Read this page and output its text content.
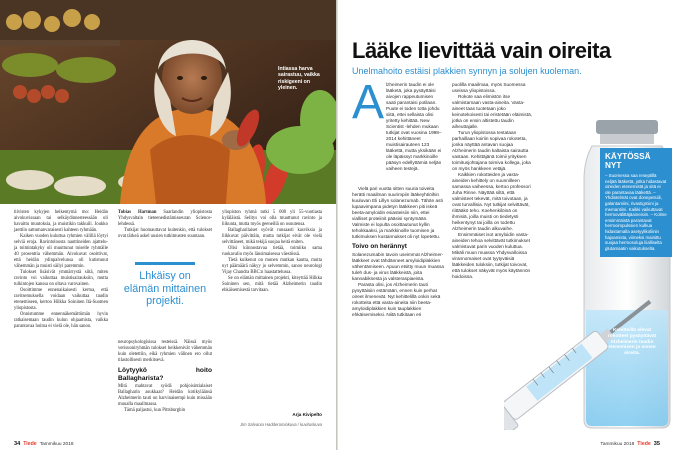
Intiassa harva sairastuu, vaikka riskigeeni on yleinen.

tiivisten kykyjen heikentymä mo: Heidän aivokuvissaan tai selkäydinnesteessään oli havaittu muutoksia, ja muistikin takkuili. Joukko jaettiin sattumanvaraisesti kahteen ryhmään.

Kaiken vuoden kuluttua ryhmien välillä löytyi selviä eroja. Ravintoloosta nauttineiden ajattelu- ja toimintakyky oli muuttunut toiselle ryhmälle 40 prosenttia vähemmän. Aivokuvat osoittivat, että heidän ydinpalvelunsa oli kutistunut vähemmän ja muisti säilyi paremmin.

Tulokset lisäsivät ymmärrystä siitä, miten ravinto voi vaikuttaa muistisairauksiin, mutta tulkintojen kanssa on oltava varovainen.

Osoittimme ennenaikaisesti kertoa, että ravitsemuksella voidaan vaikuttaa taudin etenemiseen, kertoo Hilkka Soininen Itä-Suomen yliopistosta.

Onnistumme ennennäkemättömän hyvin ratkaisemaan taudin kulun ohjaamista, vaikka parantavaa hoitoa ei vielä ole, hän sanoo.

Tobias Hartman Saarlandin yliopistosta Yhdysvaltain tieteenedistämisseuran Science-lehdessä.

Tutkijat huomauttavat kuitenkin, että tulokset ovat tärkeä askel uusien tutkimusten suuntaan.

Lhkäisy on elämän mittainen projekti.

neuropsykologisissa testeissä. Näissä myös verisuoniryhmän tulokset heikkenivät vähemmän kuin oletettiin, eikä ryhmien välinen ero ollut tilastollisesti merkitsevä.

Löytyykö hoito Ballagharista?

Mitä mahtavat syödä pohjoisintialaiset Ballagharin asukkaat? Heidän kotikyläänsä Alzheimerin tauti on harvinaisempi kuin missään muualla maailmassa.

Tämä paljastui, kun Pittsburghin

yliopiston ryhmä tutki 5 000 yli 55-vuotiasta kyläläistä. Selitys voi olla muuttunut ravinto ja liikunta, mutta myös geeneillä on osuutensa.

Ballagharilaiset syövät runsaasti kasviksia ja liikkuvat päivittäin, mutta tutkijat eivät ole vielä selvittäneet, mikä tekijä suojaa heitä eniten.

Olisi kiinnostavaa tietää, toimiiko sama ruokavalio myös länsimaisessa väestössä.

Tietä kulkenut on monen mutkan kautta, mutta nyt päämäärä näkyy jo selvemmin, sanoo neurologi Vijay Chandra BBC:n haastattelussa.

Se on elämän mittainen projekti, kiteyttää Hilkka Soininen sen, mitä tietää Alzheimerin taudin ehkäisemisestä tarvitaan.

Arja Kivipelto
Jim Salvania Hadderomiokuva / kuvituskuva
34 Tiede Tammikuu 2018
Lääke lievittää vain oireita
Unelmahoito estäisi plakkien synnyn ja solujen kuoleman.
A lzheimerin taudin ei ole lääketä, joka pysäyttäisi aivojen rappeutumisen saati parantaisi potilaan. Puute ei toden totta johdu siitä, ettei sellaista olisi yritetty kehittää. New Scientist -lehden mukaan tutkijat ovat vuosina 1998–2014 kehittäneet muistisairauteen 123 lääkettä, mutta yksikään ei ole läpäissyt markkinoille pääsyn edellyttämiä neljän vaiheen testejä.

Vielä pari vuotta sitten suuria toiveita herätti maailman suurimpiin lääkeyhtiöihin kuuluvan Eli Lillyn solanezumab. Tähän asti lupaavimpana pidetyn lääkkeen piti iskeä beeta-amyloidin esiasteisiin niin, ettei vialliset proteiinit pääsisi syntymään. Valmiste ei lopulta osoittautunut kyllin tehokkaaksi, ja markkinoille tuomisen ja tutkimuksen kustannukset oli nyt lopetettu.

Toivo on herännyt

Solanezumabin tavoin useimmat Alzheimer-lääkkeet ovat tähdänneet amyloidiplakkien vähentämiseen. Apuun etsitty muun muassa tuleh dus- ja virus lääkkeistä, joita kannabiksesta ja valsteraspiaeista.

Parasta olisi, jos Alzheimerin tauti pysyttäisiin estämään, ennen kuin perhat oireet ilmenevät. Nyt kehittelillä onkin sekä rokotteita että vasta-aineita niin beeta-amyloidiplakkien kuin tauplakkien ehkäisemiseksi. Niitä tutkitaan eri

puolilla maailmaa, myös Suomessa useissa yliopistoissa.

Rokote saa elimistön itse valmistamaan vasta-aineita. Vasta-aineet taas tuotetaan joko keinotekoisesti tai eristetään eläimistä, jotka on ensin altistettu taudin aiheuttajalle.

Turun yliopistossa testataan parhaillaan koiriin sopivaa rokotetta, jonka näyttää antavan suojaa Alzheimerin taudin kaltaista sairautta vastaan. Kehittäjänä toimii yrityksen toimitusjohtajana toimiva kollega, joka on myös hankkeen vetäjä.

Kaikkien rokotteiden ja vasta-aineiden kehittely on suunnilleen samassa vaiheessa, kertoo professori Juha Rinne. Näyttää siltä, että valmisteet tekevät, mitä toivotaan, ja ovat turvallisia. Nyt tutkijat selvittävät, riittääkö teho. Koehenkilöinä on ihmisiä, joilla muisti on tiedetysti heikentynyt tai joilla on todettu Alzheimerin taudin alkuvaihe.

Ensimmäiset isot amyloidin vasta-aineiden tehoa selvittävät tutkimukset valmistuvat parin vuoden kuluttua. Mikäli muun muassa Yhdysvalloissa virannomaiset ovat tyytyväisiä lääkkeiden tuloksiin, tutkijat toivovat, että tulokset näkyvät myös käytännön hoidoissa.

KÄYTÖSSÄ NYT
– Suomessa saa reseptillä neljää lääkettä, jotka hidastavat oireiden etenemistä ja sitä ei ole parantavaa lääkettä. – Yhdistelmät ovat donepetsiili, galantamiini, rivastigmiini ja memantiini. Kaikki vaikuttavat hermovälittäjäaineisiin. – Kolme ensimmäistä parantavat hermoimpulssien kulkua hidastamalla asetyylikoliinin hajoamista, viimeksi mainittu suojaa hermosoluja liialliselta glutamaatin vaikutukselta.
Kehitteillä olevat rokotteet pysäyttävät Alzheimerin taudin etenemisen jo ennen oireita.
Tammikuu 2018 Tiede 35
